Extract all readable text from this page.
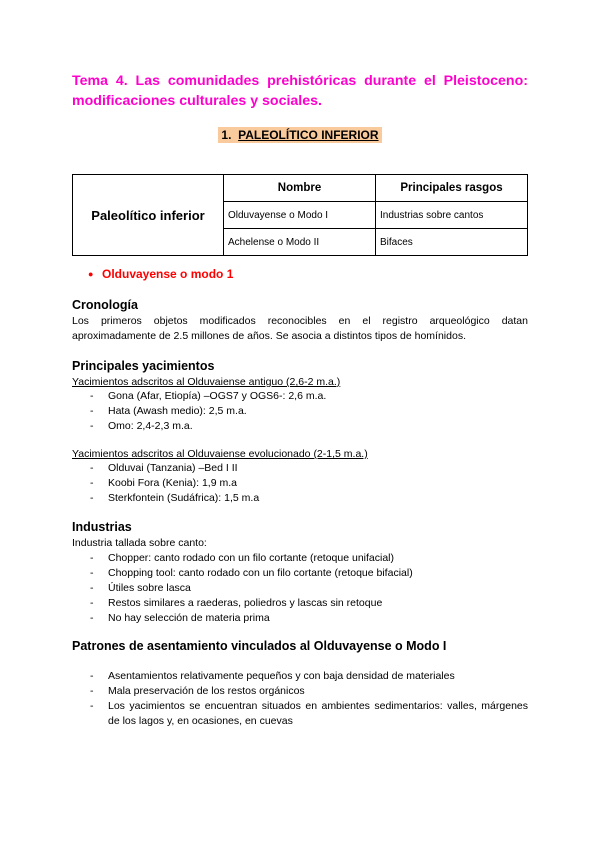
Tema 4. Las comunidades prehistóricas durante el Pleistoceno: modificaciones culturales y sociales.
1. PALEOLÍTICO INFERIOR
Paleolítico inferior	Nombre	Principales rasgos
	Olduvayense o Modo I	Industrias sobre cantos
	Achelense o Modo II	Bifaces
● Olduvayense o modo 1
Cronología
Los primeros objetos modificados reconocibles en el registro arqueológico datan aproximadamente de 2.5 millones de años. Se asocia a distintos tipos de homínidos.
Principales yacimientos
Yacimientos adscritos al Olduvaiense antiguo (2,6-2 m.a.)
- Gona (Afar, Etiopía) –OGS7 y OGS6-: 2,6 m.a.
- Hata (Awash medio): 2,5 m.a.
- Omo: 2,4-2,3 m.a.
Yacimientos adscritos al Olduvaiense evolucionado (2-1,5 m.a.)
- Olduvai (Tanzania) –Bed I II
- Koobi Fora (Kenia): 1,9 m.a
- Sterkfontein (Sudáfrica): 1,5 m.a
Industrias
Industria tallada sobre canto:
- Chopper: canto rodado con un filo cortante (retoque unifacial)
- Chopping tool: canto rodado con un filo cortante (retoque bifacial)
- Útiles sobre lasca
- Restos similares a raederas, poliedros y lascas sin retoque
- No hay selección de materia prima
Patrones de asentamiento vinculados al Olduvayense o Modo I
- Asentamientos relativamente pequeños y con baja densidad de materiales
- Mala preservación de los restos orgánicos
- Los yacimientos se encuentran situados en ambientes sedimentarios: valles, márgenes de los lagos y, en ocasiones, en cuevas
